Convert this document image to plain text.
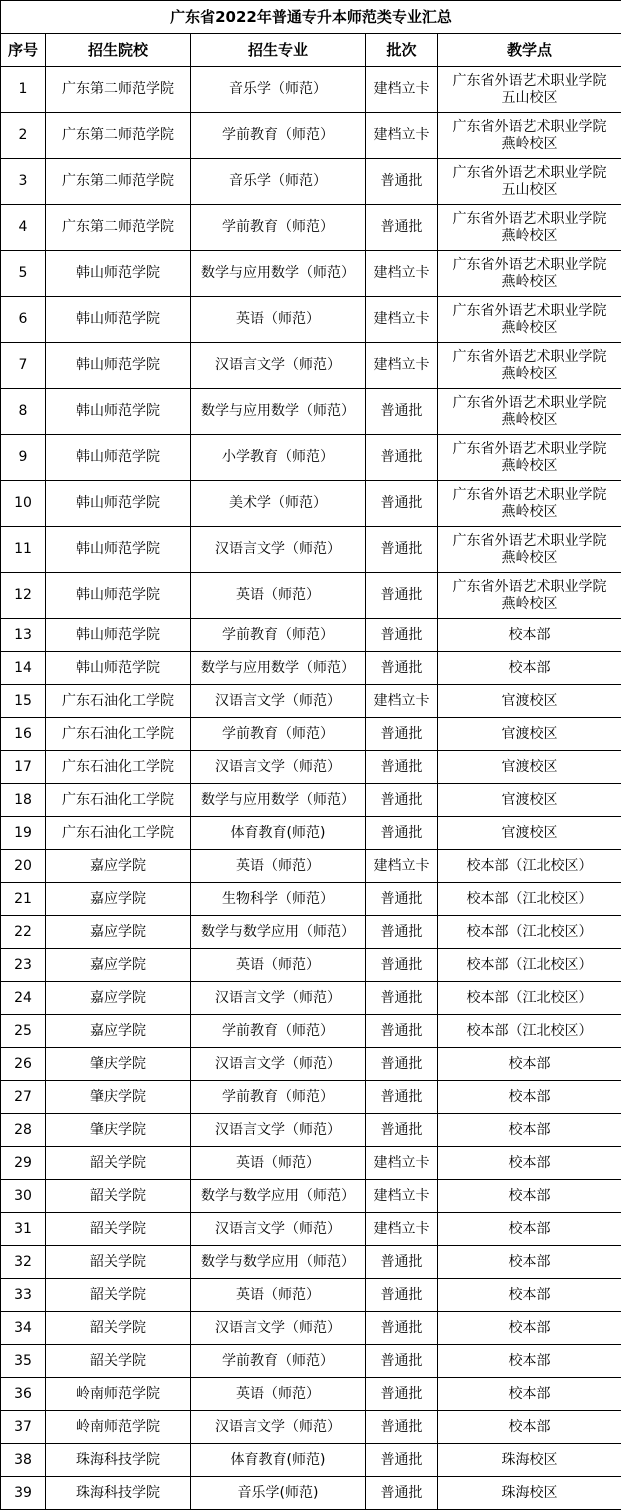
广东省2022年普通专升本师范类专业汇总				
序号	招生院校	招生专业	批次	教学点
1	广东第二师范学院	音乐学（师范）	建档立卡	广东省外语艺术职业学院
五山校区
2	广东第二师范学院	学前教育（师范）	建档立卡	广东省外语艺术职业学院
燕岭校区
3	广东第二师范学院	音乐学（师范）	普通批	广东省外语艺术职业学院
五山校区
4	广东第二师范学院	学前教育（师范）	普通批	广东省外语艺术职业学院
燕岭校区
5	韩山师范学院	数学与应用数学（师范）	建档立卡	广东省外语艺术职业学院
燕岭校区
6	韩山师范学院	英语（师范）	建档立卡	广东省外语艺术职业学院
燕岭校区
7	韩山师范学院	汉语言文学（师范）	建档立卡	广东省外语艺术职业学院
燕岭校区
8	韩山师范学院	数学与应用数学（师范）	普通批	广东省外语艺术职业学院
燕岭校区
9	韩山师范学院	小学教育（师范）	普通批	广东省外语艺术职业学院
燕岭校区
10	韩山师范学院	美术学（师范）	普通批	广东省外语艺术职业学院
燕岭校区
11	韩山师范学院	汉语言文学（师范）	普通批	广东省外语艺术职业学院
燕岭校区
12	韩山师范学院	英语（师范）	普通批	广东省外语艺术职业学院
燕岭校区
13	韩山师范学院	学前教育（师范）	普通批	校本部
14	韩山师范学院	数学与应用数学（师范）	普通批	校本部
15	广东石油化工学院	汉语言文学（师范）	建档立卡	官渡校区
16	广东石油化工学院	学前教育（师范）	普通批	官渡校区
17	广东石油化工学院	汉语言文学（师范）	普通批	官渡校区
18	广东石油化工学院	数学与应用数学（师范）	普通批	官渡校区
19	广东石油化工学院	体育教育(师范)	普通批	官渡校区
20	嘉应学院	英语（师范）	建档立卡	校本部（江北校区）
21	嘉应学院	生物科学（师范）	普通批	校本部（江北校区）
22	嘉应学院	数学与数学应用（师范）	普通批	校本部（江北校区）
23	嘉应学院	英语（师范）	普通批	校本部（江北校区）
24	嘉应学院	汉语言文学（师范）	普通批	校本部（江北校区）
25	嘉应学院	学前教育（师范）	普通批	校本部（江北校区）
26	肇庆学院	汉语言文学（师范）	普通批	校本部
27	肇庆学院	学前教育（师范）	普通批	校本部
28	肇庆学院	汉语言文学（师范）	普通批	校本部
29	韶关学院	英语（师范）	建档立卡	校本部
30	韶关学院	数学与数学应用（师范）	建档立卡	校本部
31	韶关学院	汉语言文学（师范）	建档立卡	校本部
32	韶关学院	数学与数学应用（师范）	普通批	校本部
33	韶关学院	英语（师范）	普通批	校本部
34	韶关学院	汉语言文学（师范）	普通批	校本部
35	韶关学院	学前教育（师范）	普通批	校本部
36	岭南师范学院	英语（师范）	普通批	校本部
37	岭南师范学院	汉语言文学（师范）	普通批	校本部
38	珠海科技学院	体育教育(师范)	普通批	珠海校区
39	珠海科技学院	音乐学(师范)	普通批	珠海校区
